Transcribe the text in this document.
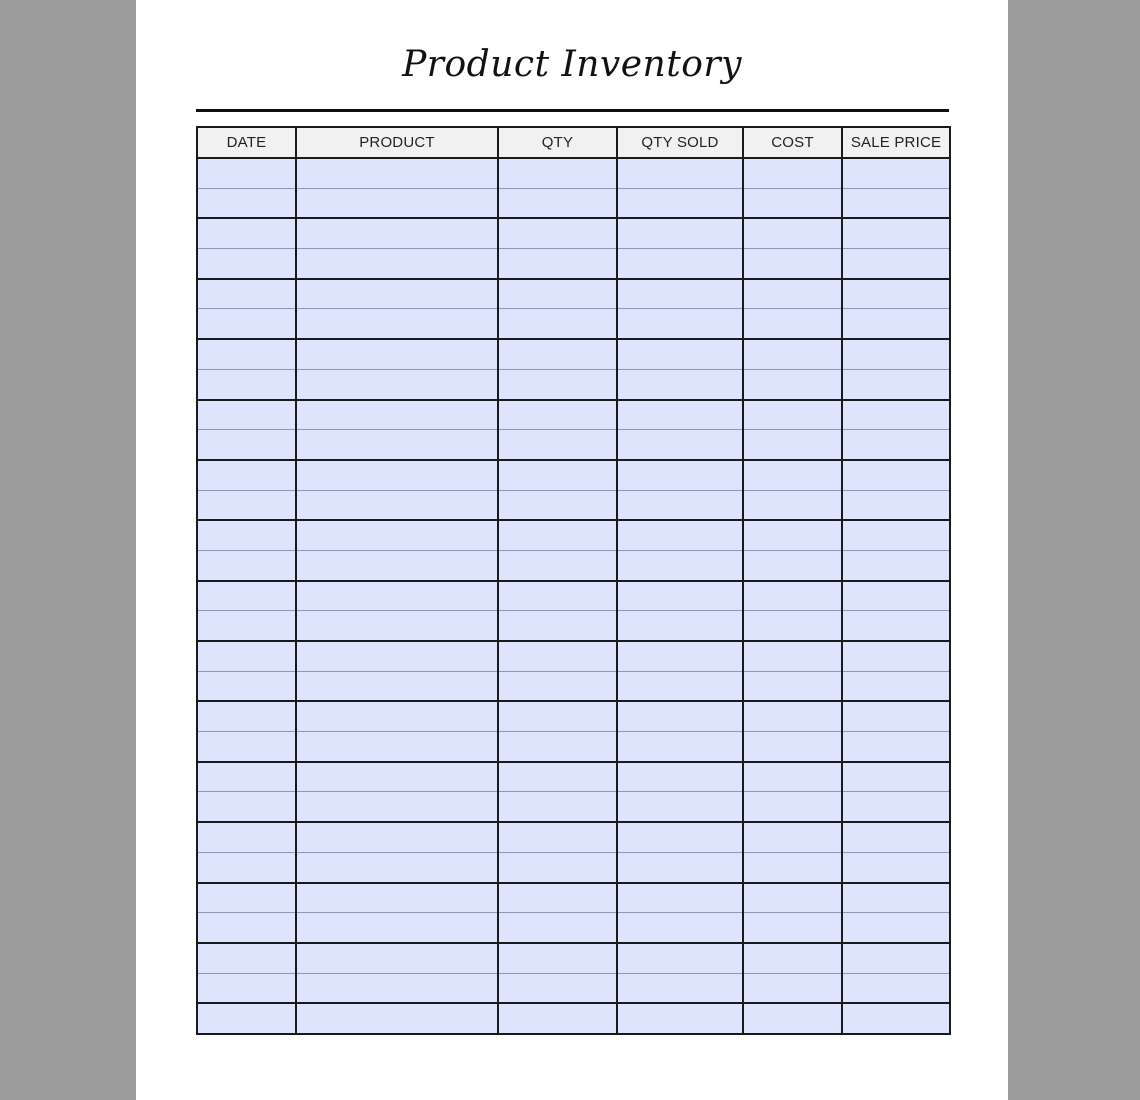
Product Inventory
DATE	PRODUCT	QTY	QTY SOLD	COST	SALE PRICE
